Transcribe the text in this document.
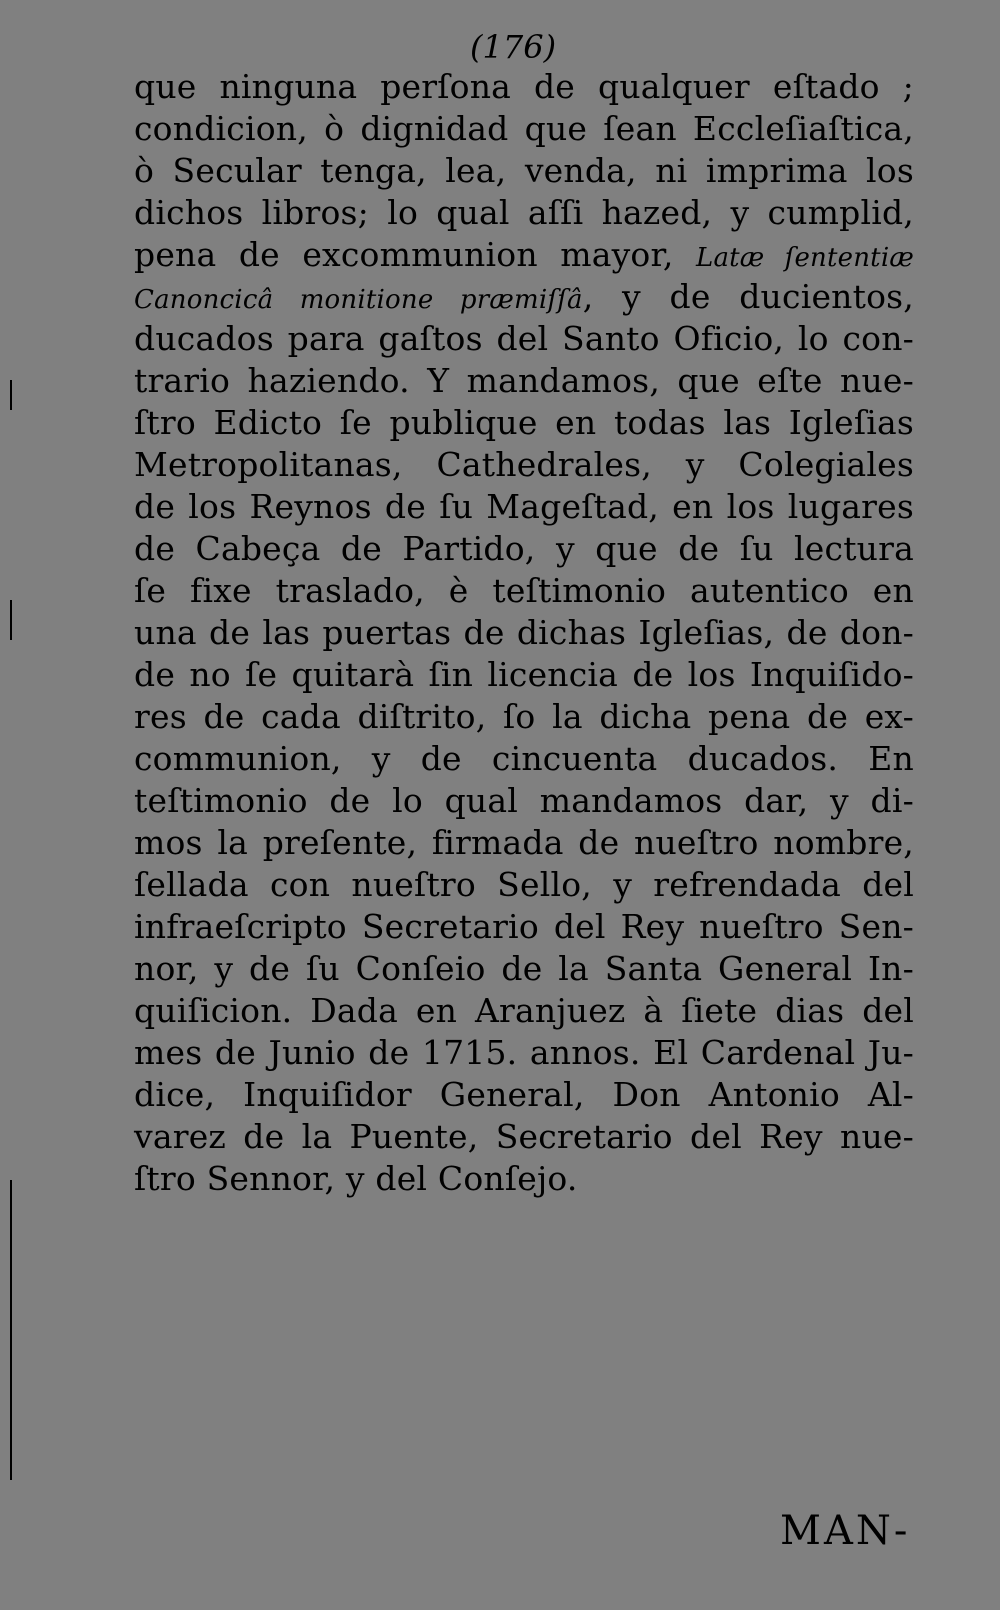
(176)
que ninguna perſona de qualquer eſtado ;
condicion, ò dignidad que ſean Eccleſiaſtica,
ò Secular tenga, lea, venda, ni imprima los
dichos libros; lo qual aſſi hazed, y cumplid,
pena de excommunion mayor, Latæ ſententiæ
Canoncicâ monitione præmiſſâ, y de ducientos,
ducados para gaſtos del Santo Oficio, lo con-
trario haziendo. Y mandamos, que eſte nue-
ſtro Edicto ſe publique en todas las Igleſias
Metropolitanas, Cathedrales, y Colegiales
de los Reynos de ſu Mageſtad, en los lugares
de Cabeça de Partido, y que de ſu lectura
ſe fixe traslado, è teſtimonio autentico en
una de las puertas de dichas Igleſias, de don-
de no ſe quitarà ſin licencia de los Inquiſido-
res de cada diſtrito, ſo la dicha pena de ex-
communion, y de cincuenta ducados. En
teſtimonio de lo qual mandamos dar, y di-
mos la preſente, firmada de nueſtro nombre,
ſellada con nueſtro Sello, y refrendada del
infraeſcripto Secretario del Rey nueſtro Sen-
nor, y de ſu Conſeio de la Santa General In-
quiſicion. Dada en Aranjuez à ſiete dias del
mes de Junio de 1715. annos. El Cardenal Ju-
dice, Inquiſidor General, Don Antonio Al-
varez de la Puente, Secretario del Rey nue-
ſtro Sennor, y del Conſejo.
MAN-
